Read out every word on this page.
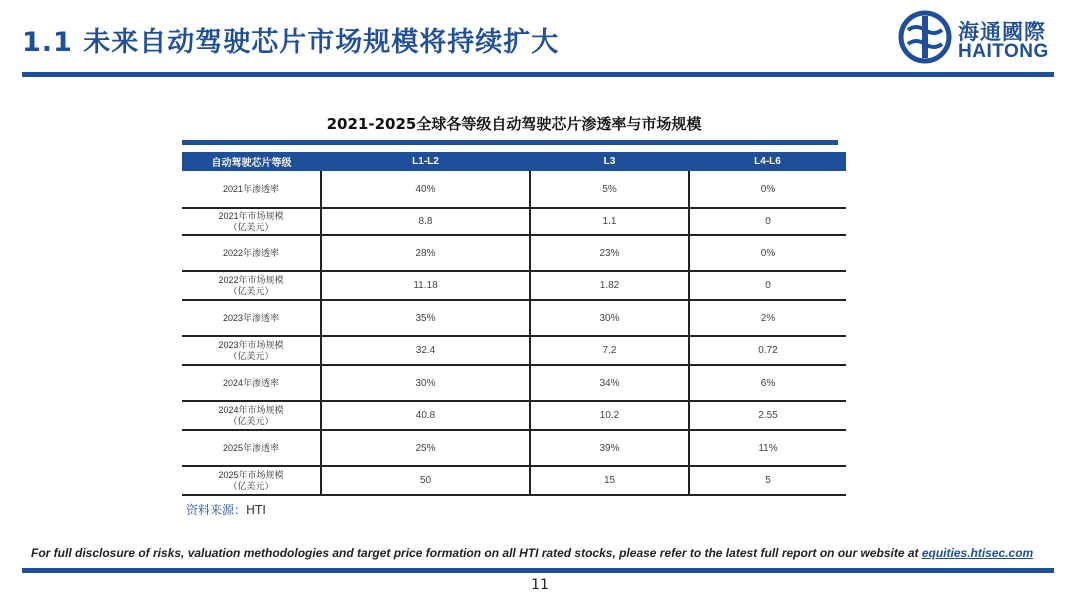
1.1 未来自动驾驶芯片市场规模将持续扩大	海通國際
HAITONG
2021-2025全球各等级自动驾驶芯片渗透率与市场规模
自动驾驶芯片等级	L1-L2	L3	L4-L6
2021年渗透率	40%	5%	0%
2021年市场规模
（亿美元）	8.8	1.1	0
2022年渗透率	28%	23%	0%
2022年市场规模
（亿美元）	11.18	1.82	0
2023年渗透率	35%	30%	2%
2023年市场规模
（亿美元）	32.4	7.2	0.72
2024年渗透率	30%	34%	6%
2024年市场规模
（亿美元）	40.8	10.2	2.55
2025年渗透率	25%	39%	11%
2025年市场规模
（亿美元）	50	15	5
资料来源：HTI
For full disclosure of risks, valuation methodologies and target price formation on all HTI rated stocks, please refer to the latest full report on our website at equities.htisec.com
11
